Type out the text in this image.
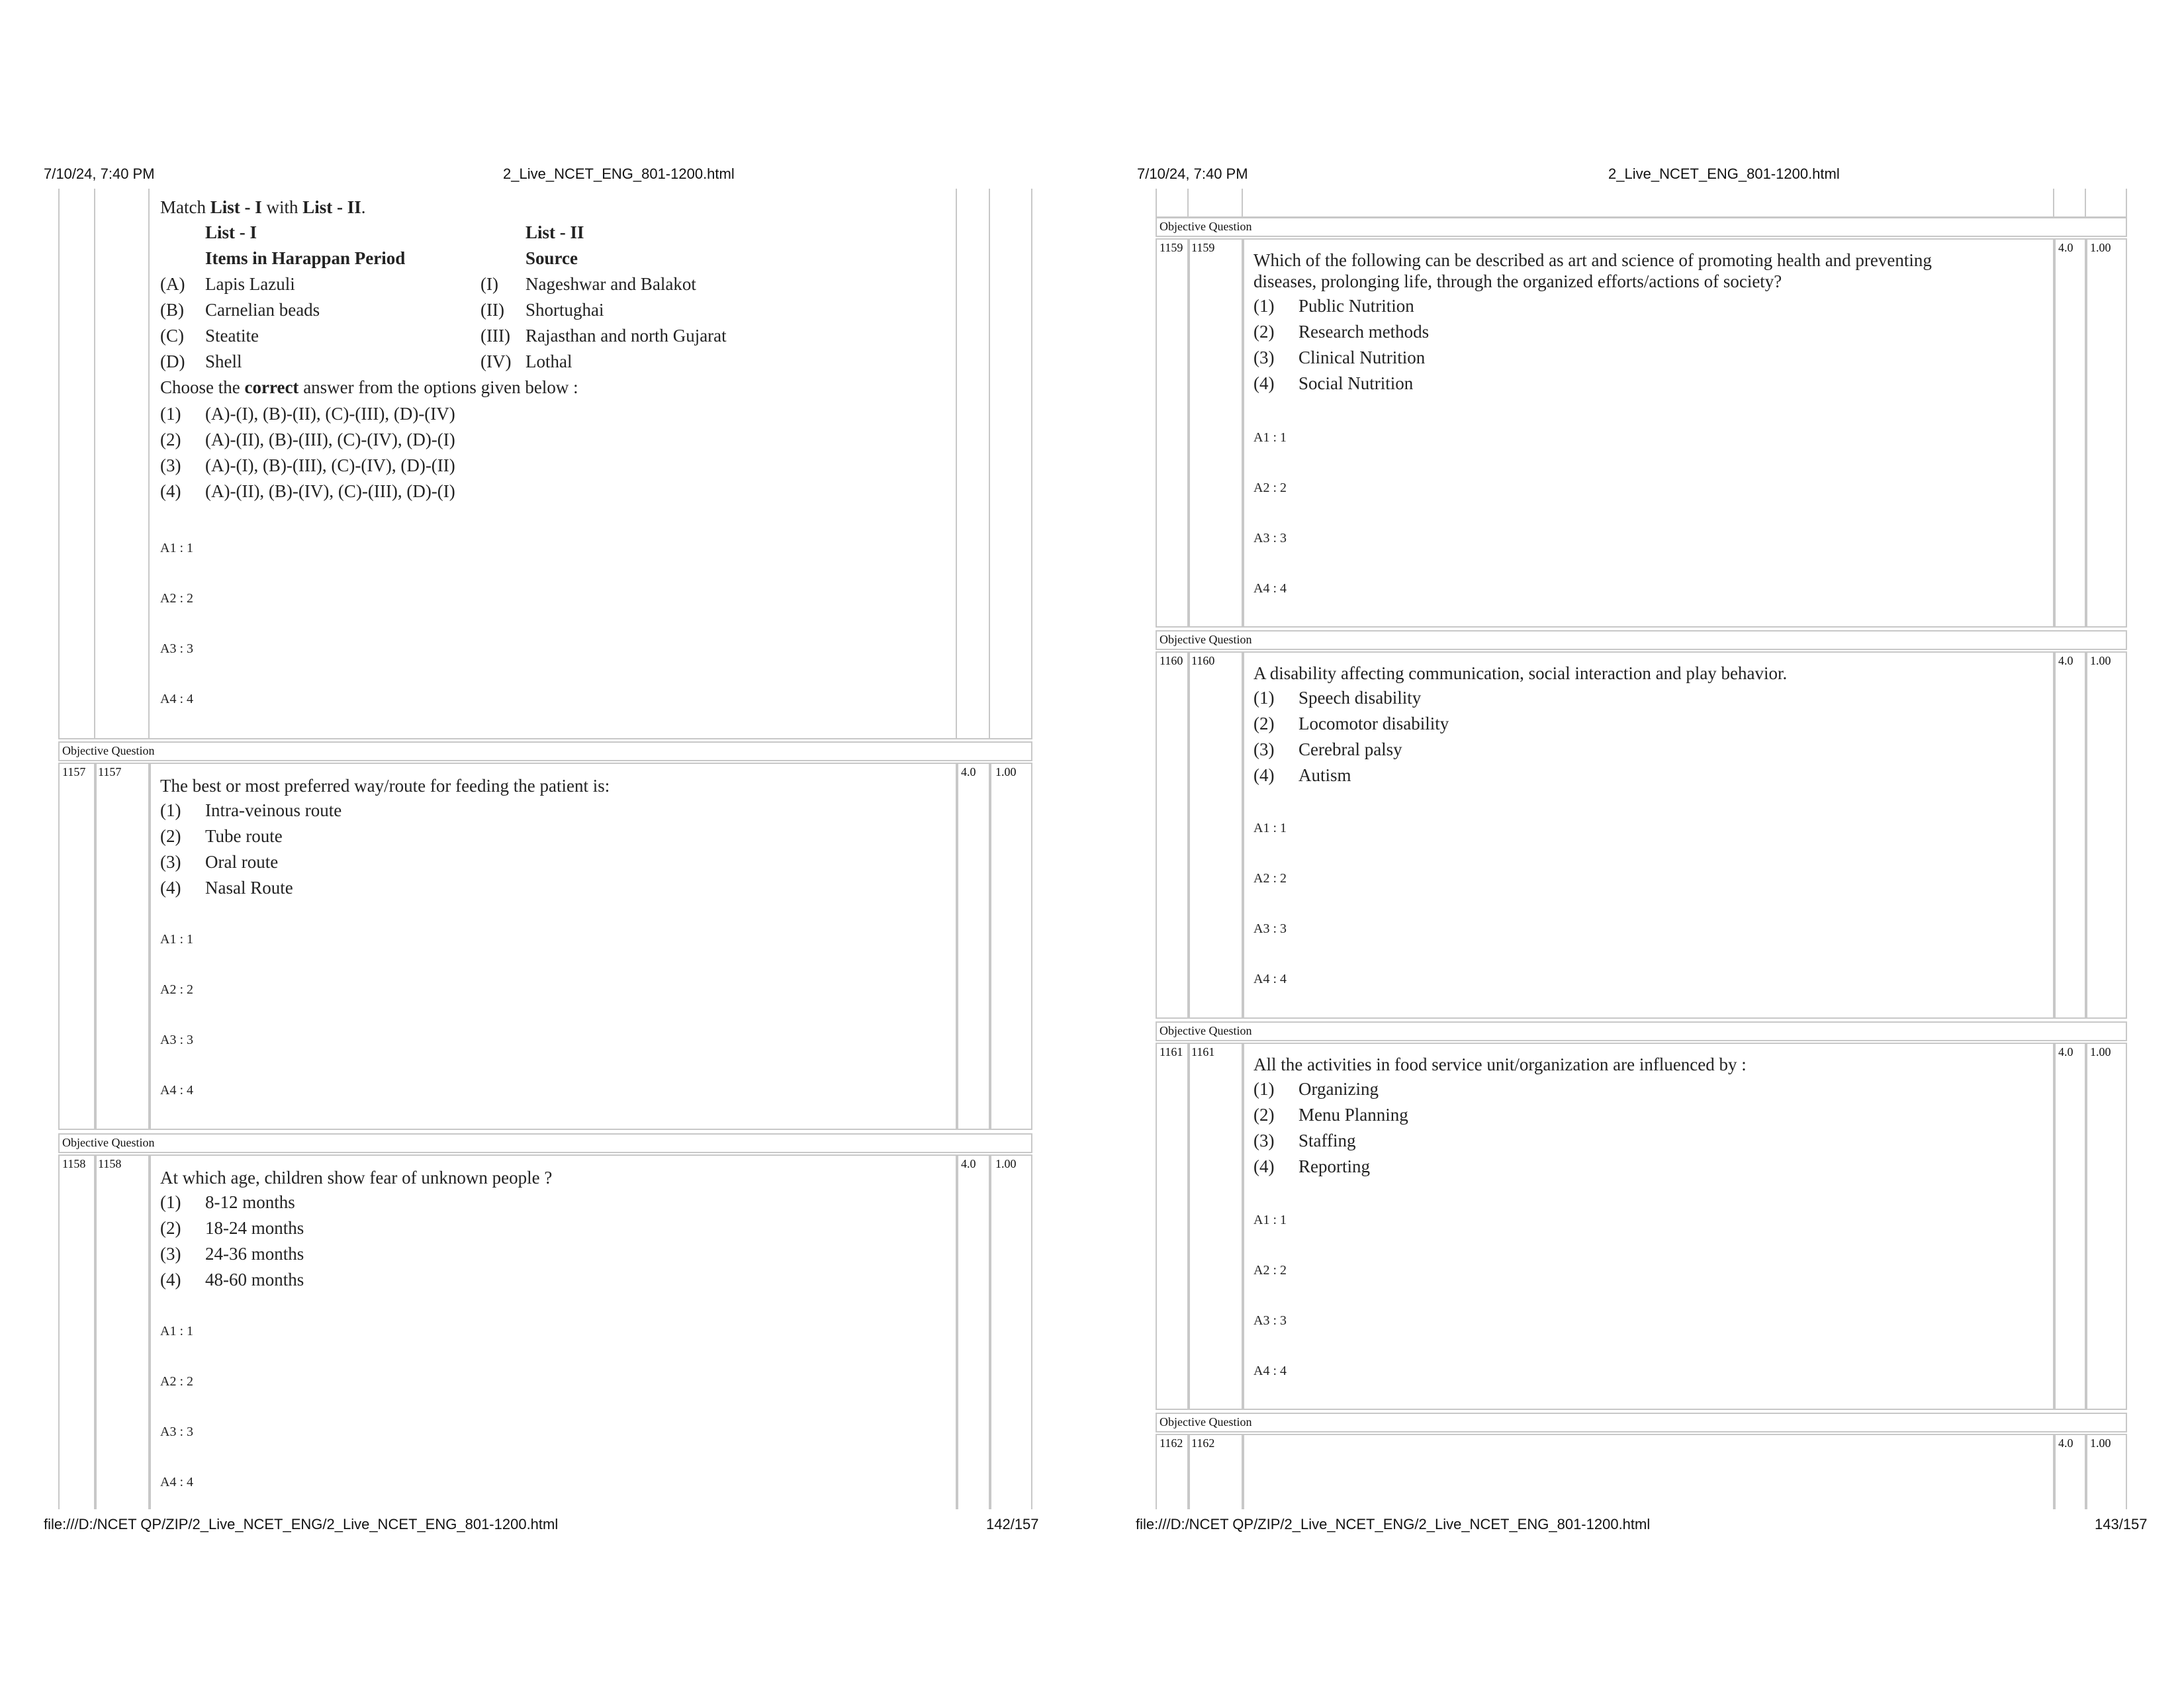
7/10/24, 7:40 PM	2_Live_NCET_ENG_801-1200.html
Match List - I with List - II.
List - I	List - II
Items in Harappan Period	Source
(A) Lapis Lazuli	(I) Nageshwar and Balakot
(B) Carnelian beads	(II) Shortughai
(C) Steatite	(III) Rajasthan and north Gujarat
(D) Shell	(IV) Lothal
Choose the correct answer from the options given below :
(1) (A)-(I), (B)-(II), (C)-(III), (D)-(IV)
(2) (A)-(II), (B)-(III), (C)-(IV), (D)-(I)
(3) (A)-(I), (B)-(III), (C)-(IV), (D)-(II)
(4) (A)-(II), (B)-(IV), (C)-(III), (D)-(I)
A1 : 1
A2 : 2
A3 : 3
A4 : 4
Objective Question
1157 1157	4.0 1.00
The best or most preferred way/route for feeding the patient is:
(1) Intra-veinous route
(2) Tube route
(3) Oral route
(4) Nasal Route
A1 : 1
A2 : 2
A3 : 3
A4 : 4
Objective Question
1158 1158	4.0 1.00
At which age, children show fear of unknown people ?
(1) 8-12 months
(2) 18-24 months
(3) 24-36 months
(4) 48-60 months
A1 : 1
A2 : 2
A3 : 3
A4 : 4
file:///D:/NCET QP/ZIP/2_Live_NCET_ENG/2_Live_NCET_ENG_801-1200.html	142/157
7/10/24, 7:40 PM	2_Live_NCET_ENG_801-1200.html
Objective Question
1159 1159	4.0 1.00
Which of the following can be described as art and science of promoting health and preventing
diseases, prolonging life, through the organized efforts/actions of society?
(1) Public Nutrition
(2) Research methods
(3) Clinical Nutrition
(4) Social Nutrition
A1 : 1
A2 : 2
A3 : 3
A4 : 4
Objective Question
1160 1160	4.0 1.00
A disability affecting communication, social interaction and play behavior.
(1) Speech disability
(2) Locomotor disability
(3) Cerebral palsy
(4) Autism
A1 : 1
A2 : 2
A3 : 3
A4 : 4
Objective Question
1161 1161	4.0 1.00
All the activities in food service unit/organization are influenced by :
(1) Organizing
(2) Menu Planning
(3) Staffing
(4) Reporting
A1 : 1
A2 : 2
A3 : 3
A4 : 4
Objective Question
1162 1162	4.0 1.00
file:///D:/NCET QP/ZIP/2_Live_NCET_ENG/2_Live_NCET_ENG_801-1200.html	143/157
